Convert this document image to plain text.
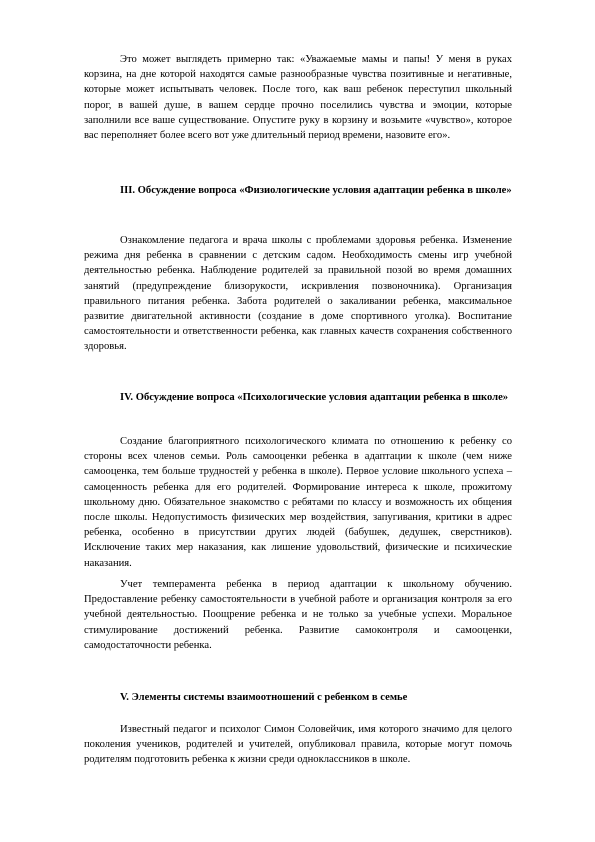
Это может выглядеть примерно так: «Уважаемые мамы и папы! У меня в руках корзина, на дне которой находятся самые разнообразные чувства позитивные и негативные, которые может испытывать человек. После того, как ваш ребенок переступил школьный порог, в вашей душе, в вашем сердце прочно поселились чувства и эмоции, которые заполнили все ваше существование. Опустите руку в корзину и возьмите «чувство», которое вас переполняет более всего вот уже длительный период времени, назовите его».

III. Обсуждение вопроса «Физиологические условия адаптации ребенка в школе»

Ознакомление педагога и врача школы с проблемами здоровья ребенка. Изменение режима дня ребенка в сравнении с детским садом. Необходимость смены игр учебной деятельностью ребенка. Наблюдение родителей за правильной позой во время домашних занятий (предупреждение близорукости, искривления позвоночника). Организация правильного питания ребенка. Забота родителей о закаливании ребенка, максимальное развитие двигательной активности (создание в доме спортивного уголка). Воспитание самостоятельности и ответственности ребенка, как главных качеств сохранения собственного здоровья.

IV. Обсуждение вопроса «Психологические условия адаптации ребенка в школе»

Создание благоприятного психологического климата по отношению к ребенку со стороны всех членов семьи. Роль самооценки ребенка в адаптации к школе (чем ниже самооценка, тем больше трудностей у ребенка в школе). Первое условие школьного успеха – самоценность ребенка для его родителей. Формирование интереса к школе, прожитому школьному дню. Обязательное знакомство с ребятами по классу и возможность их общения после школы. Недопустимость физических мер воздействия, запугивания, критики в адрес ребенка, особенно в присутствии других людей (бабушек, дедушек, сверстников). Исключение таких мер наказания, как лишение удовольствий, физические и психические наказания.

Учет темперамента ребенка в период адаптации к школьному обучению. Предоставление ребенку самостоятельности в учебной работе и организация контроля за его учебной деятельностью. Поощрение ребенка и не только за учебные успехи. Моральное стимулирование достижений ребенка. Развитие самоконтроля и самооценки, самодостаточности ребенка.

V. Элементы системы взаимоотношений с ребенком в семье

Известный педагог и психолог Симон Соловейчик, имя которого значимо для целого поколения учеников, родителей и учителей, опубликовал правила, которые могут помочь родителям подготовить ребенка к жизни среди одноклассников в школе.
